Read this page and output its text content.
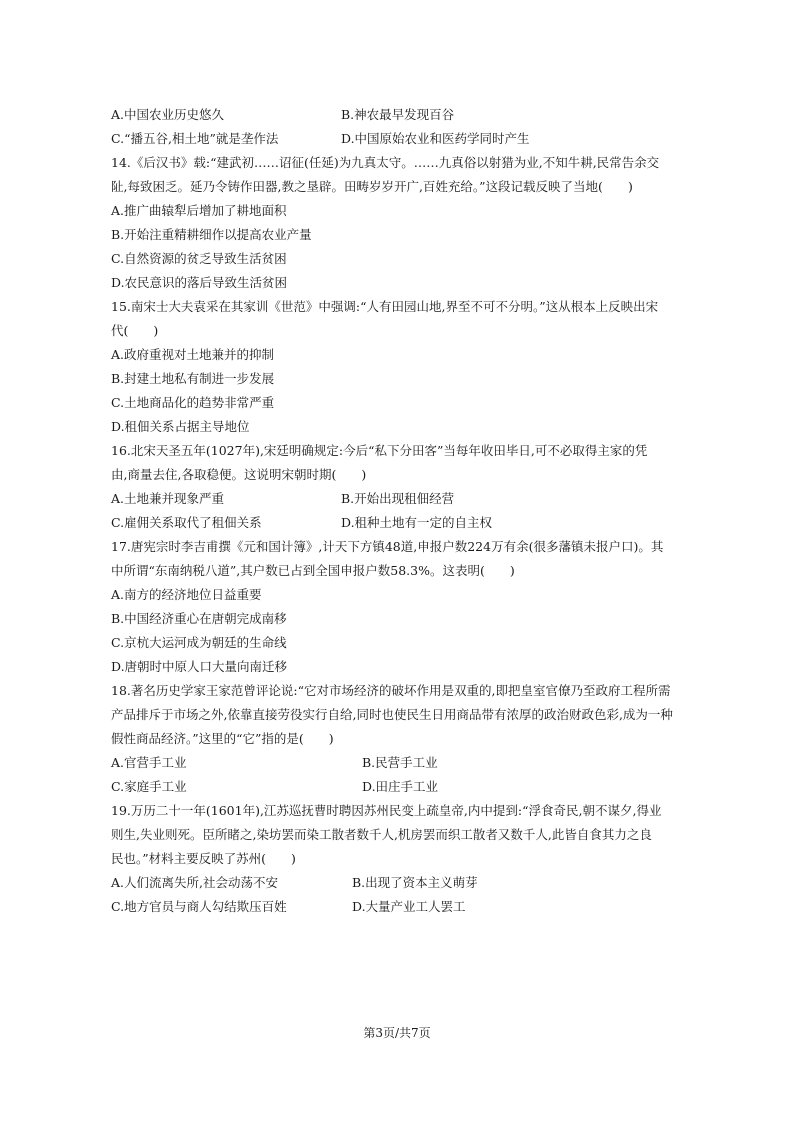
A.中国农业历史悠久	B.神农最早发现百谷
C.“播五谷,相土地”就是垄作法	D.中国原始农业和医药学同时产生
14.《后汉书》载:“建武初……诏征(任延)为九真太守。……九真俗以射猎为业,不知牛耕,民常告余交
阯,每致困乏。延乃令铸作田器,教之垦辟。田畴岁岁开广,百姓充给。”这段记载反映了当地(　　)
A.推广曲辕犁后增加了耕地面积
B.开始注重精耕细作以提高农业产量
C.自然资源的贫乏导致生活贫困
D.农民意识的落后导致生活贫困
15.南宋士大夫袁采在其家训《世范》中强调:“人有田园山地,界至不可不分明。”这从根本上反映出宋
代(　　)
A.政府重视对土地兼并的抑制
B.封建土地私有制进一步发展
C.土地商品化的趋势非常严重
D.租佃关系占据主导地位
16.北宋天圣五年(1027年),宋廷明确规定:今后“私下分田客”当每年收田毕日,可不必取得主家的凭
由,商量去住,各取稳便。这说明宋朝时期(　　)
A.土地兼并现象严重	B.开始出现租佃经营
C.雇佣关系取代了租佃关系	D.租种土地有一定的自主权
17.唐宪宗时李吉甫撰《元和国计簿》,计天下方镇48道,申报户数224万有余(很多藩镇未报户口)。其
中所谓“东南纳税八道”,其户数已占到全国申报户数58.3%。这表明(　　)
A.南方的经济地位日益重要
B.中国经济重心在唐朝完成南移
C.京杭大运河成为朝廷的生命线
D.唐朝时中原人口大量向南迁移
18.著名历史学家王家范曾评论说:“它对市场经济的破坏作用是双重的,即把皇室官僚乃至政府工程所需
产品排斥于市场之外,依靠直接劳役实行自给,同时也使民生日用商品带有浓厚的政治财政色彩,成为一种
假性商品经济。”这里的“它”指的是(　　)
A.官营手工业	B.民营手工业
C.家庭手工业	D.田庄手工业
19.万历二十一年(1601年),江苏巡抚曹时聘因苏州民变上疏皇帝,内中提到:“浮食奇民,朝不谋夕,得业
则生,失业则死。臣所睹之,染坊罢而染工散者数千人,机房罢而织工散者又数千人,此皆自食其力之良
民也。”材料主要反映了苏州(　　)
A.人们流离失所,社会动荡不安	B.出现了资本主义萌芽
C.地方官员与商人勾结欺压百姓	D.大量产业工人罢工
第3页/共7页
